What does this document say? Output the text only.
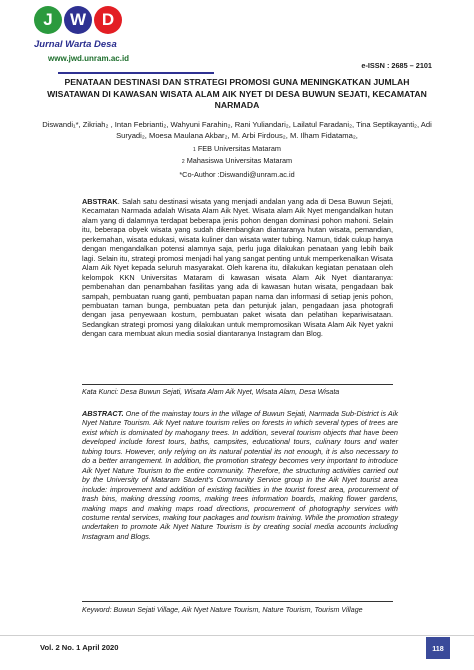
J	W D
Jurnal Warta Desa
www.jwd.unram.ac.id
e-ISSN : 2685 – 2101
PENATAAN DESTINASI DAN STRATEGI PROMOSI GUNA MENINGKATKAN JUMLAH WISATAWAN DI KAWASAN WISATA ALAM AIK NYET DI DESA BUWUN SEJATI, KECAMATAN NARMADA
Diswandi₁*, Zikriah₂ , Intan Febrianti₂, Wahyuni Farahin₂, Rani Yuliandari₂, Lailatul Faradani₂, Tina Septikayanti₂, Adi Suryadi₂, Moesa Maulana Akbar₂, M. Arbi Firdous₂, M. Ilham Fidatama₂,
1 FEB Universitas Mataram
2 Mahasiswa Universitas Mataram
*Co-Author :Diswandi@unram.ac.id
ABSTRAK. Salah satu destinasi wisata yang menjadi andalan yang ada di Desa Buwun Sejati, Kecamatan Narmada adalah Wisata Alam Aik Nyet. Wisata alam Aik Nyet mengandalkan hutan alam yang di dalamnya terdapat beberapa jenis pohon dengan dominasi pohon mahoni. Selain itu, beberapa obyek wisata yang sudah dikembangkan diantaranya hutan wisata, pemandian, perkemahan, wisata edukasi, wisata kuliner dan wisata water tubing. Namun, tidak cukup hanya dengan mengandalkan potensi alamnya saja, perlu juga dilakukan penataan yang lebih baik lagi. Selain itu, strategi promosi menjadi hal yang sangat penting untuk memperkenalkan Wisata Alam Aik Nyet kepada seluruh masyarakat. Oleh karena itu, dilakukan kegiatan penataan oleh kelompok KKN Universitas Mataram di kawasan wisata Alam Aik Nyet diantaranya: pembenahan dan penambahan fasilitas yang ada di kawasan hutan wisata, pengadaan bak sampah, pembuatan ruang ganti, pembuatan papan nama dan informasi di setiap jenis pohon, pembuatan taman bunga, pembuatan peta dan petunjuk jalan, pengadaan jasa photografi dengan jasa penyewaan kostum, pembuatan paket wisata dan pelatihan kepariwisataan. Sedangkan strategi promosi yang dilakukan untuk mempromosikan Wisata Alam Aik Nyet yakni dengan cara membuat akun media sosial diantaranya Instagram dan Blog.
Kata Kunci: Desa Buwun Sejati, Wisata Alam Aik Nyet, Wisata Alam, Desa Wisata
ABSTRACT. One of the mainstay tours in the village of Buwun Sejati, Narmada Sub-District is Aik Nyet Nature Tourism. Aik Nyet nature tourism relies on forests in which several types of trees are exist which is dominated by mahogany trees. In addition, several tourism objects that have been developed include forest tours, baths, campsites, educational tours, culinary tours and water tubing tours. However, only relying on its natural potential its not enough, it is also necessary to do a better arrangement. In addition, the promotion strategy becomes very important to introduce Aik Nyet Nature Tourism to the entire community. Therefore, the structuring activities carried out by the University of Mataram Student’s Community Service group in the Aik Nyet tourist area include: improvement and addition of existing facilities in the tourist forest area, procurement of trash bins, making dressing rooms, making trees information boards, making flower gardens, making maps and making maps road directions, procurement of photography services with costume rental services, making tour packages and tourism training. While the promotion strategy undertaken to promote Aik Nyet Nature Tourism is by creating social media accounts including Instagram and Blogs.
Keyword: Buwun Sejati Village, Aik Nyet Nature Tourism, Nature Tourism, Tourism Village
Vol. 2 No. 1 April 2020	118
